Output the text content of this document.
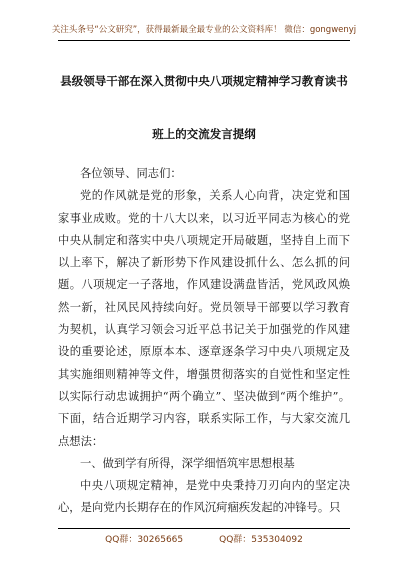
关注头条号“公文研究”，获得最新最全最专业的公文资料库！ 微信：gongwenyj
县级领导干部在深入贯彻中央八项规定精神学习教育读书
班上的交流发言提纲

各位领导、同志们：

党的作风就是党的形象，关系人心向背，决定党和国家事业成败。党的十八大以来，以习近平同志为核心的党中央从制定和落实中央八项规定开局破题，坚持自上而下以上率下，解决了新形势下作风建设抓什么、怎么抓的问题。八项规定一子落地，作风建设满盘皆活，党风政风焕然一新，社风民风持续向好。党员领导干部要以学习教育为契机，认真学习领会习近平总书记关于加强党的作风建设的重要论述，原原本本、逐章逐条学习中央八项规定及其实施细则精神等文件，增强贯彻落实的自觉性和坚定性以实际行动忠诚拥护“两个确立”、坚决做到“两个维护”。下面，结合近期学习内容，联系实际工作，与大家交流几点想法：

一、做到学有所得，深学细悟筑牢思想根基

中央八项规定精神，是党中央秉持刀刃向内的坚定决心，是向党内长期存在的作风沉疴痼疾发起的冲锋号。只

QQ群：30265665	QQ群：535304092
